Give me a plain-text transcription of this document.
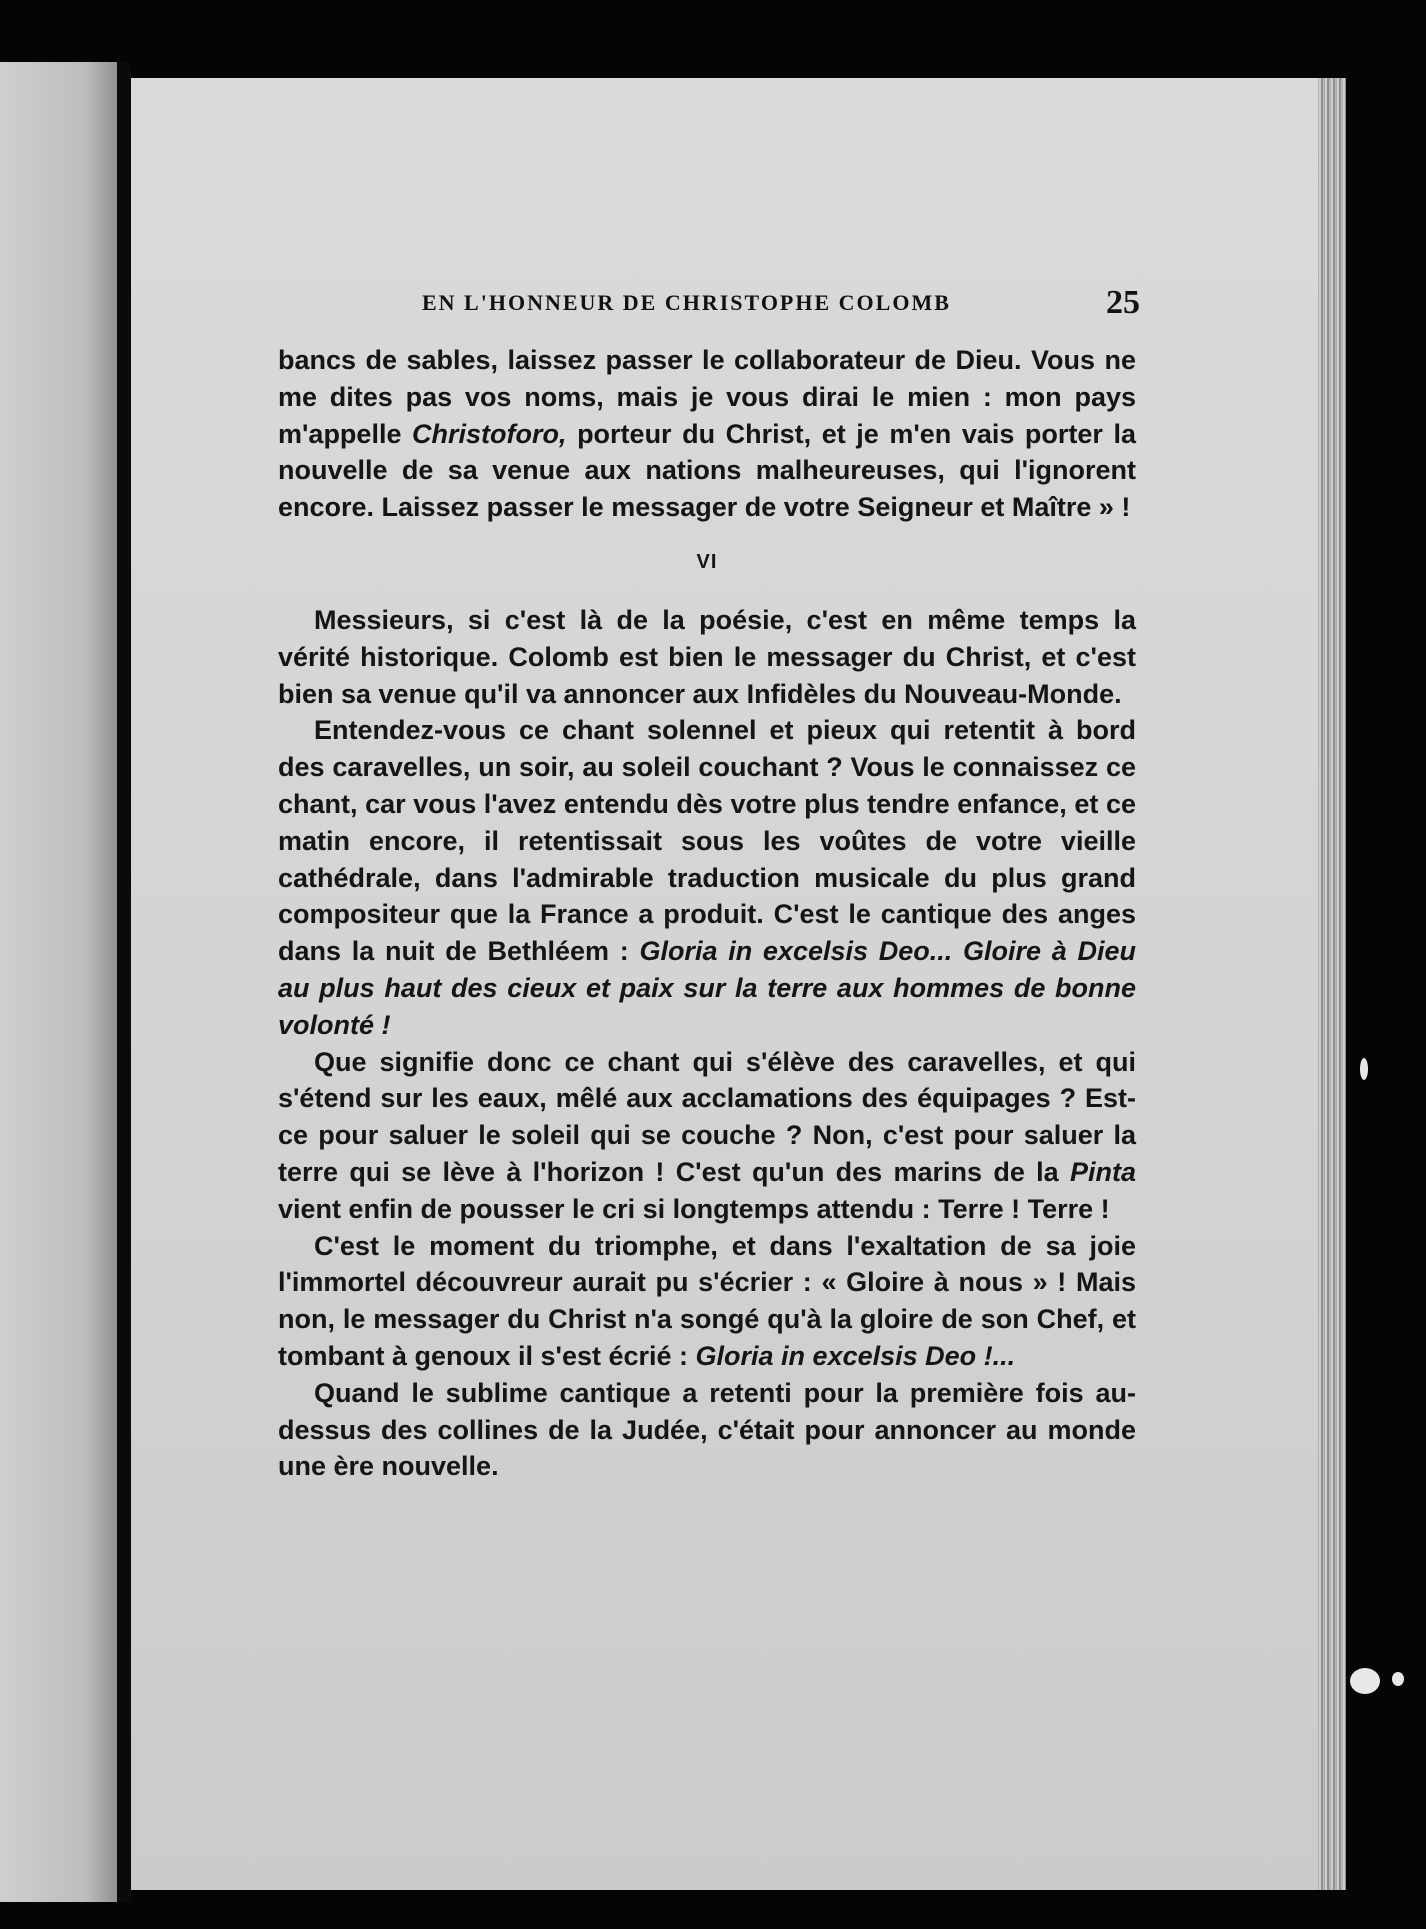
EN L'HONNEUR DE CHRISTOPHE COLOMB	25

bancs de sables, laissez passer le collaborateur de Dieu. Vous ne me dites pas vos noms, mais je vous dirai le mien : mon pays m'appelle Christoforo, porteur du Christ, et je m'en vais porter la nouvelle de sa venue aux nations malheureuses, qui l'ignorent encore. Laissez passer le messager de votre Seigneur et Maître » !

VI

Messieurs, si c'est là de la poésie, c'est en même temps la vérité historique. Colomb est bien le messager du Christ, et c'est bien sa venue qu'il va annoncer aux Infidèles du Nouveau-Monde.

Entendez-vous ce chant solennel et pieux qui retentit à bord des caravelles, un soir, au soleil couchant ? Vous le connaissez ce chant, car vous l'avez entendu dès votre plus tendre enfance, et ce matin encore, il retentissait sous les voûtes de votre vieille cathédrale, dans l'admirable traduction musicale du plus grand compositeur que la France a produit. C'est le cantique des anges dans la nuit de Bethléem : Gloria in excelsis Deo... Gloire à Dieu au plus haut des cieux et paix sur la terre aux hommes de bonne volonté !

Que signifie donc ce chant qui s'élève des caravelles, et qui s'étend sur les eaux, mêlé aux acclamations des équipages ? Est-ce pour saluer le soleil qui se couche ? Non, c'est pour saluer la terre qui se lève à l'horizon ! C'est qu'un des marins de la Pinta vient enfin de pousser le cri si longtemps attendu : Terre ! Terre !

C'est le moment du triomphe, et dans l'exaltation de sa joie l'immortel découvreur aurait pu s'écrier : « Gloire à nous » ! Mais non, le messager du Christ n'a songé qu'à la gloire de son Chef, et tombant à genoux il s'est écrié : Gloria in excelsis Deo !...

Quand le sublime cantique a retenti pour la première fois au-dessus des collines de la Judée, c'était pour annoncer au monde une ère nouvelle.
